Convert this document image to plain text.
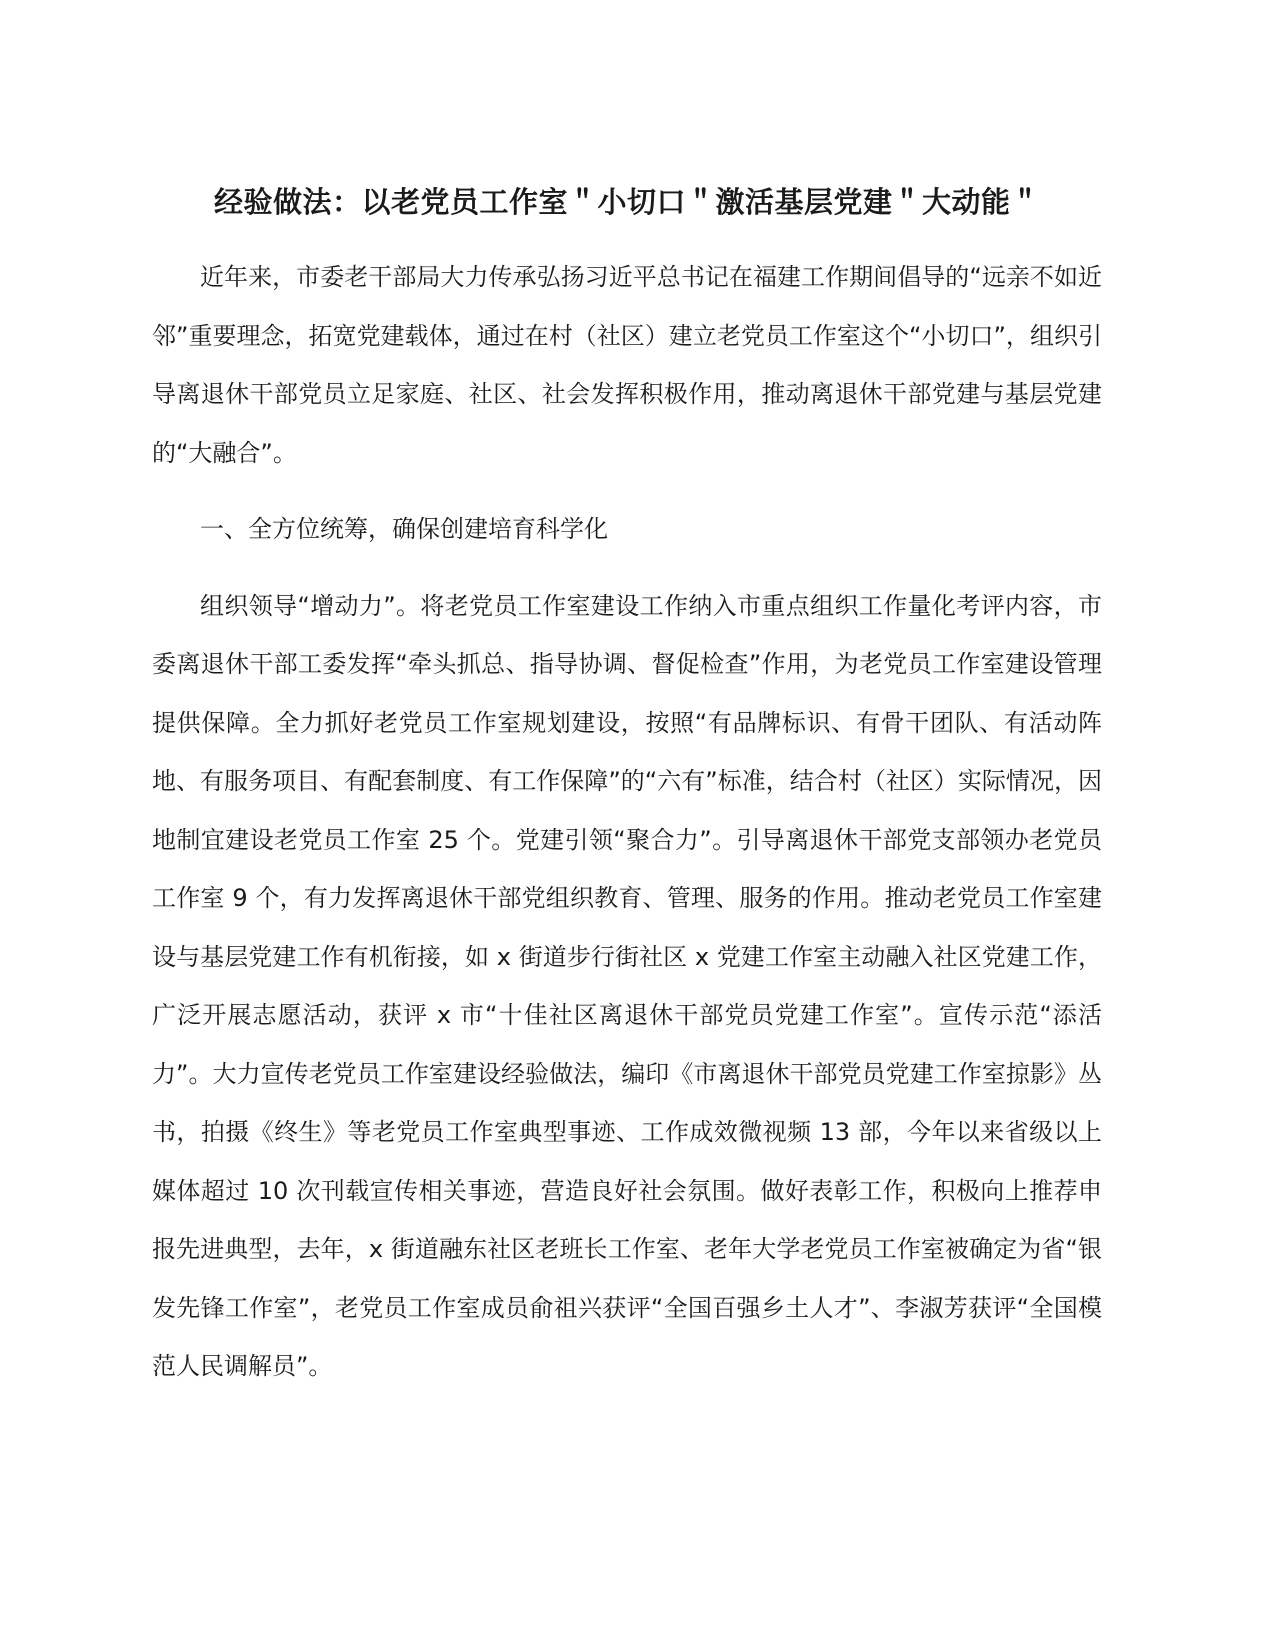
经验做法：以老党员工作室＂小切口＂激活基层党建＂大动能＂

近年来，市委老干部局大力传承弘扬习近平总书记在福建工作期间倡导的“远亲不如近邻”重要理念，拓宽党建载体，通过在村（社区）建立老党员工作室这个“小切口”，组织引导离退休干部党员立足家庭、社区、社会发挥积极作用，推动离退休干部党建与基层党建的“大融合”。

一、全方位统筹，确保创建培育科学化

组织领导“增动力”。将老党员工作室建设工作纳入市重点组织工作量化考评内容，市委离退休干部工委发挥“牵头抓总、指导协调、督促检查”作用，为老党员工作室建设管理提供保障。全力抓好老党员工作室规划建设，按照“有品牌标识、有骨干团队、有活动阵地、有服务项目、有配套制度、有工作保障”的“六有”标准，结合村（社区）实际情况，因地制宜建设老党员工作室 25 个。党建引领“聚合力”。引导离退休干部党支部领办老党员工作室 9 个，有力发挥离退休干部党组织教育、管理、服务的作用。推动老党员工作室建设与基层党建工作有机衔接，如 x 街道步行街社区 x 党建工作室主动融入社区党建工作，广泛开展志愿活动，获评 x 市“十佳社区离退休干部党员党建工作室”。宣传示范“添活力”。大力宣传老党员工作室建设经验做法，编印《市离退休干部党员党建工作室掠影》丛书，拍摄《终生》等老党员工作室典型事迹、工作成效微视频 13 部，今年以来省级以上媒体超过 10 次刊载宣传相关事迹，营造良好社会氛围。做好表彰工作，积极向上推荐申报先进典型，去年，x 街道融东社区老班长工作室、老年大学老党员工作室被确定为省“银发先锋工作室”，老党员工作室成员俞祖兴获评“全国百强乡土人才”、李淑芳获评“全国模范人民调解员”。
